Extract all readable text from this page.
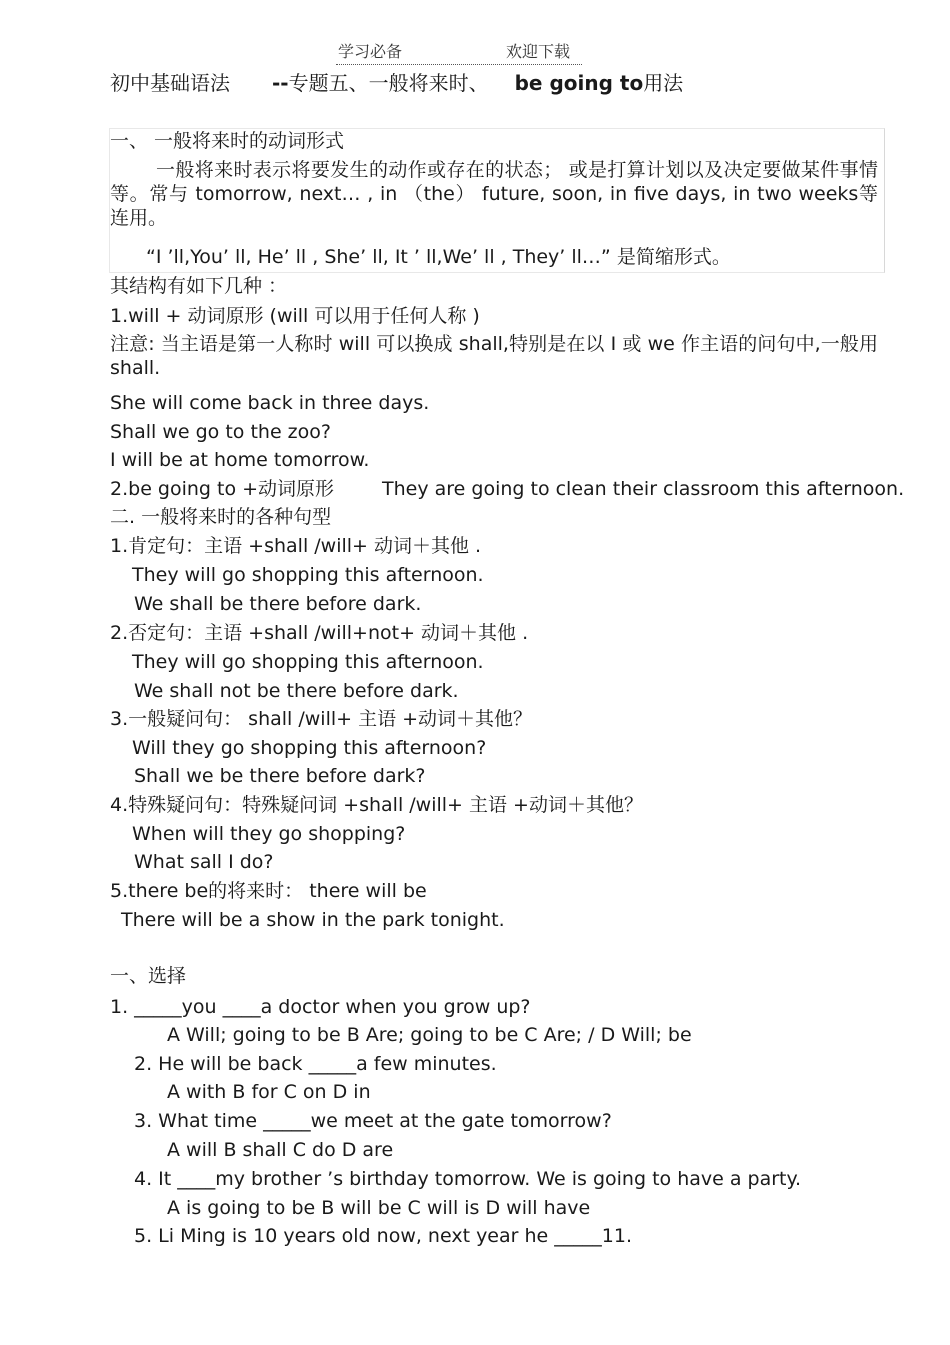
学习必备	欢迎下载
初中基础语法 --专题五、一般将来时、 be going to用法
一、 一般将来时的动词形式
一般将来时表示将要发生的动作或存在的状态； 或是打算计划以及决定要做某件事情等。常与 tomorrow, next… , in （the） future, soon, in five days, in two weeks等连用。
“I ’ll,You’ ll, He’ ll , She’ ll, It ’ ll,We’ ll , They’ ll…” 是简缩形式。
其结构有如下几种 ：
1.will + 动词原形 (will 可以用于任何人称 )
注意: 当主语是第一人称时 will 可以换成 shall,特别是在以 I 或 we 作主语的问句中,一般用 shall.
She will come back in three days.
Shall we go to the zoo?
I will be at home tomorrow.
2.be going to +动词原形	They are going to clean their classroom this afternoon.
二. 一般将来时的各种句型
1.肯定句：主语 +shall /will+ 动词＋其他 .
They will go shopping this afternoon.
We shall be there before dark.
2.否定句：主语 +shall /will+not+ 动词＋其他 .
They will go shopping this afternoon.
We shall not be there before dark.
3.一般疑问句： shall /will+ 主语 +动词＋其他？
Will they go shopping this afternoon?
Shall we be there before dark?
4.特殊疑问句：特殊疑问词 +shall /will+ 主语 +动词＋其他？
When will they go shopping?
What sall I do?
5.there be的将来时： there will be
There will be a show in the park tonight.
一、选择
1. _____you ____a doctor when you grow up?
A Will; going to be B Are; going to be C Are; / D Will; be
2. He will be back _____a few minutes.
A with B for C on D in
3. What time _____we meet at the gate tomorrow?
A will B shall C do D are
4. It ____my brother ’s birthday tomorrow. We is going to have a party.
A is going to be B will be C will is D will have
5. Li Ming is 10 years old now, next year he _____11.
